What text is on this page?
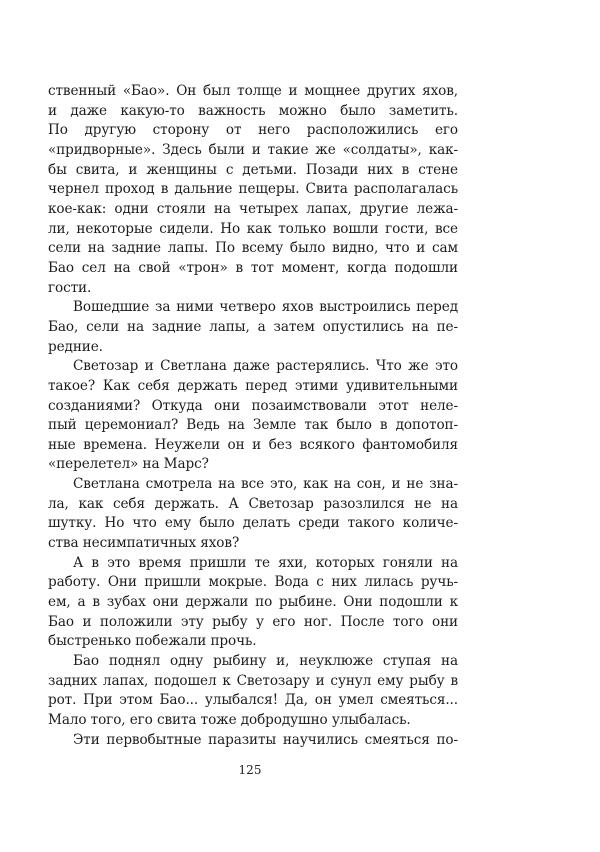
ственный «Бао». Он был толще и мощнее других яхов,
и даже какую-то важность можно было заметить.
По другую сторону от него расположились его
«придворные». Здесь были и такие же «солдаты», как-
бы свита, и женщины с детьми. Позади них в стене
чернел проход в дальние пещеры. Свита располагалась
кое-как: одни стояли на четырех лапах, другие лежа-
ли, некоторые сидели. Но как только вошли гости, все
сели на задние лапы. По всему было видно, что и сам
Бао сел на свой «трон» в тот момент, когда подошли
гости.
Вошедшие за ними четверо яхов выстроились перед
Бао, сели на задние лапы, а затем опустились на пе-
редние.
Светозар и Светлана даже растерялись. Что же это
такое? Как себя держать перед этими удивительными
созданиями? Откуда они позаимствовали этот неле-
пый церемониал? Ведь на Земле так было в допотоп-
ные времена. Неужели он и без всякого фантомобиля
«перелетел» на Марс?
Светлана смотрела на все это, как на сон, и не зна-
ла, как себя держать. А Светозар разозлился не на
шутку. Но что ему было делать среди такого количе-
ства несимпатичных яхов?
А в это время пришли те яхи, которых гоняли на
работу. Они пришли мокрые. Вода с них лилась ручь-
ем, а в зубах они держали по рыбине. Они подошли к
Бао и положили эту рыбу у его ног. После того они
быстренько побежали прочь.
Бао поднял одну рыбину и, неуклюже ступая на
задних лапах, подошел к Светозару и сунул ему рыбу в
рот. При этом Бао... улыбался! Да, он умел смеяться...
Мало того, его свита тоже добродушно улыбалась.
Эти первобытные паразиты научились смеяться по-
125
